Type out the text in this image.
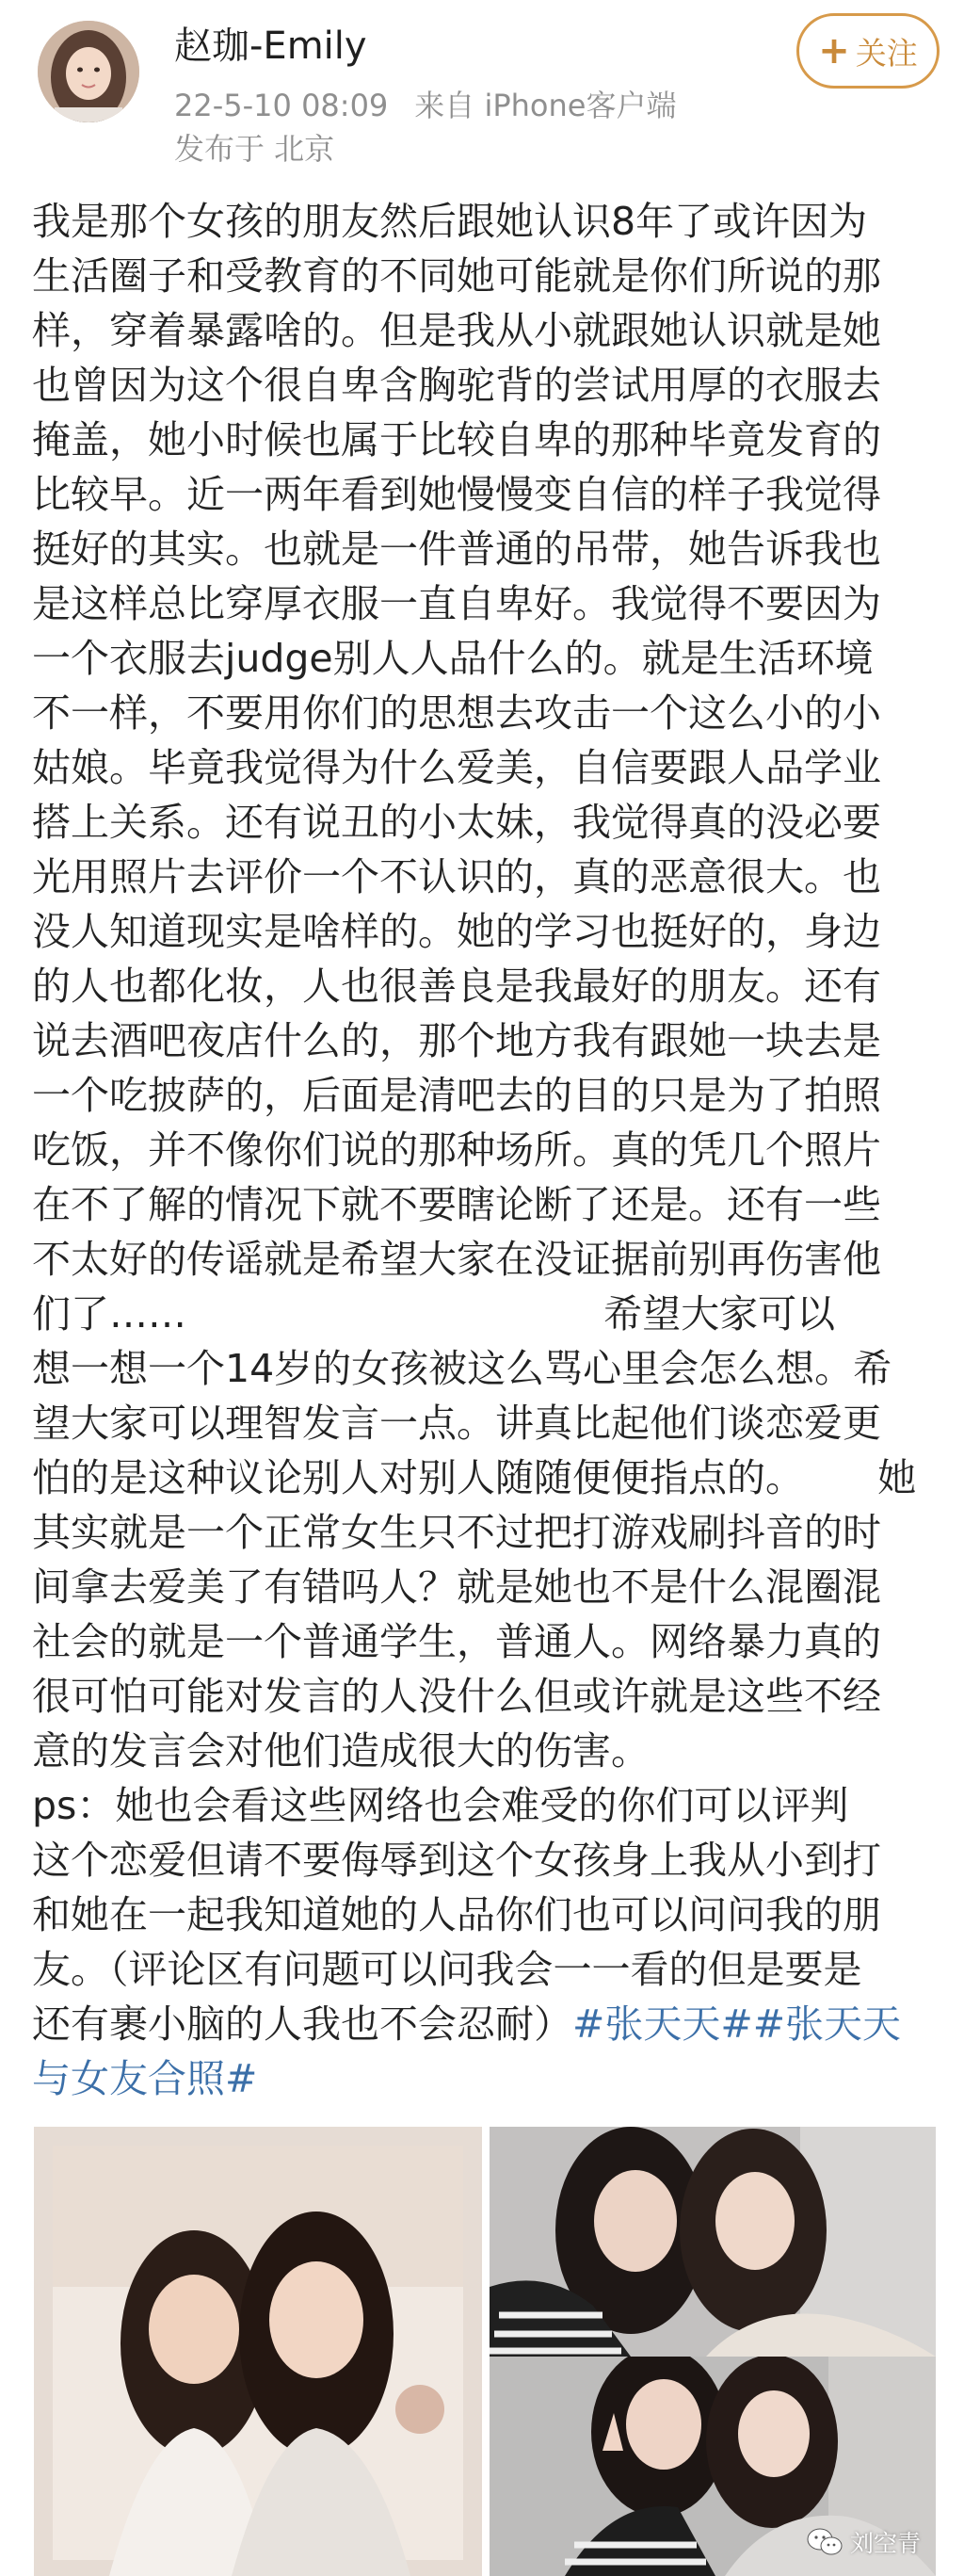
赵珈-Emily
22-5-10 08:09 来自 iPhone客户端
发布于 北京
+ 关注
我是那个女孩的朋友然后跟她认识8年了或许因为
生活圈子和受教育的不同她可能就是你们所说的那
样，穿着暴露啥的。但是我从小就跟她认识就是她
也曾因为这个很自卑含胸驼背的尝试用厚的衣服去
掩盖，她小时候也属于比较自卑的那种毕竟发育的
比较早。近一两年看到她慢慢变自信的样子我觉得
挺好的其实。也就是一件普通的吊带，她告诉我也
是这样总比穿厚衣服一直自卑好。我觉得不要因为
一个衣服去judge别人人品什么的。就是生活环境
不一样，不要用你们的思想去攻击一个这么小的小
姑娘。毕竟我觉得为什么爱美，自信要跟人品学业
搭上关系。还有说丑的小太妹，我觉得真的没必要
光用照片去评价一个不认识的，真的恶意很大。也
没人知道现实是啥样的。她的学习也挺好的，身边
的人也都化妆，人也很善良是我最好的朋友。还有
说去酒吧夜店什么的，那个地方我有跟她一块去是
一个吃披萨的，后面是清吧去的目的只是为了拍照
吃饭，并不像你们说的那种场所。真的凭几个照片
在不了解的情况下就不要瞎论断了还是。还有一些
不太好的传谣就是希望大家在没证据前别再伤害他
们了……                                  希望大家可以
想一想一个14岁的女孩被这么骂心里会怎么想。希
望大家可以理智发言一点。讲真比起他们谈恋爱更
怕的是这种议论别人对别人随随便便指点的。      她
其实就是一个正常女生只不过把打游戏刷抖音的时
间拿去爱美了有错吗人？就是她也不是什么混圈混
社会的就是一个普通学生，普通人。网络暴力真的
很可怕可能对发言的人没什么但或许就是这些不经
意的发言会对他们造成很大的伤害。
ps：她也会看这些网络也会难受的你们可以评判
这个恋爱但请不要侮辱到这个女孩身上我从小到打
和她在一起我知道她的人品你们也可以问问我的朋
友。（评论区有问题可以问我会一一看的但是要是
还有裹小脑的人我也不会忍耐）#张天天##张天天
与女友合照#
刘空青
